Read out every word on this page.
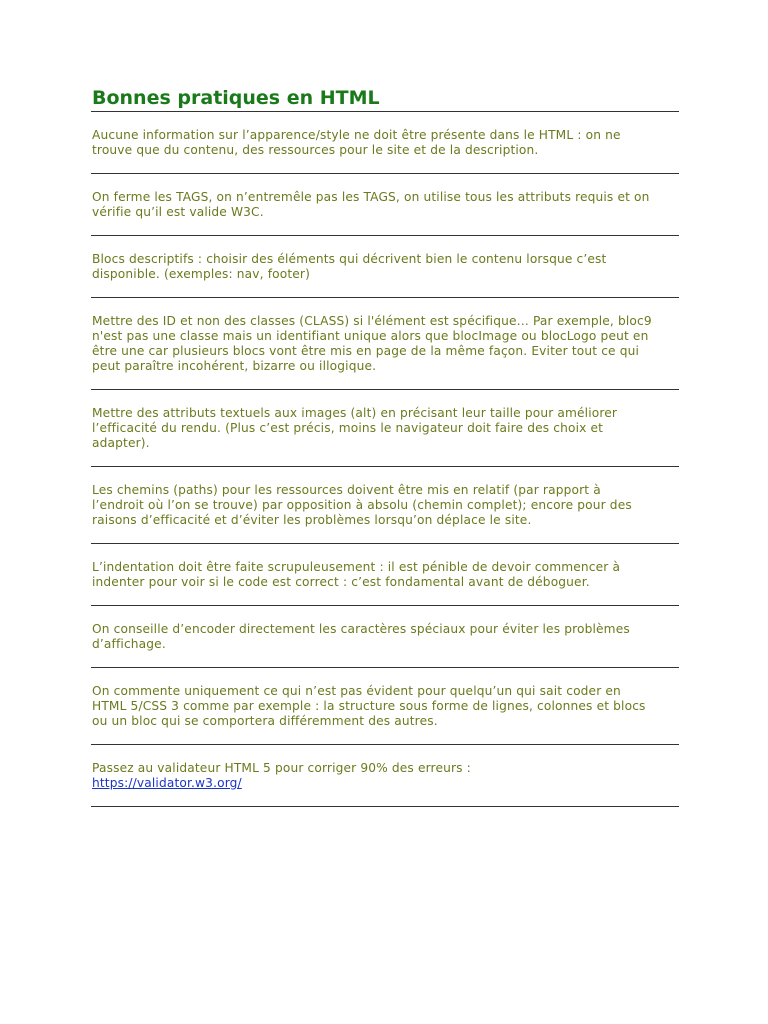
Bonnes pratiques en HTML
Aucune information sur l’apparence/style ne doit être présente dans le HTML : on ne
trouve que du contenu, des ressources pour le site et de la description.
On ferme les TAGS, on n’entremêle pas les TAGS, on utilise tous les attributs requis et on
vérifie qu’il est valide W3C.
Blocs descriptifs : choisir des éléments qui décrivent bien le contenu lorsque c’est
disponible. (exemples: nav, footer)
Mettre des ID et non des classes (CLASS) si l'élément est spécifique… Par exemple, bloc9
n'est pas une classe mais un identifiant unique alors que blocImage ou blocLogo peut en
être une car plusieurs blocs vont être mis en page de la même façon. Eviter tout ce qui
peut paraître incohérent, bizarre ou illogique.
Mettre des attributs textuels aux images (alt) en précisant leur taille pour améliorer
l’efficacité du rendu. (Plus c’est précis, moins le navigateur doit faire des choix et
adapter).
Les chemins (paths) pour les ressources doivent être mis en relatif (par rapport à
l’endroit où l’on se trouve) par opposition à absolu (chemin complet); encore pour des
raisons d’efficacité et d’éviter les problèmes lorsqu’on déplace le site.
L’indentation doit être faite scrupuleusement : il est pénible de devoir commencer à
indenter pour voir si le code est correct : c’est fondamental avant de déboguer.
On conseille d’encoder directement les caractères spéciaux pour éviter les problèmes
d’affichage.
On commente uniquement ce qui n’est pas évident pour quelqu’un qui sait coder en
HTML 5/CSS 3 comme par exemple : la structure sous forme de lignes, colonnes et blocs
ou un bloc qui se comportera différemment des autres.
Passez au validateur HTML 5 pour corriger 90% des erreurs :
https://validator.w3.org/
